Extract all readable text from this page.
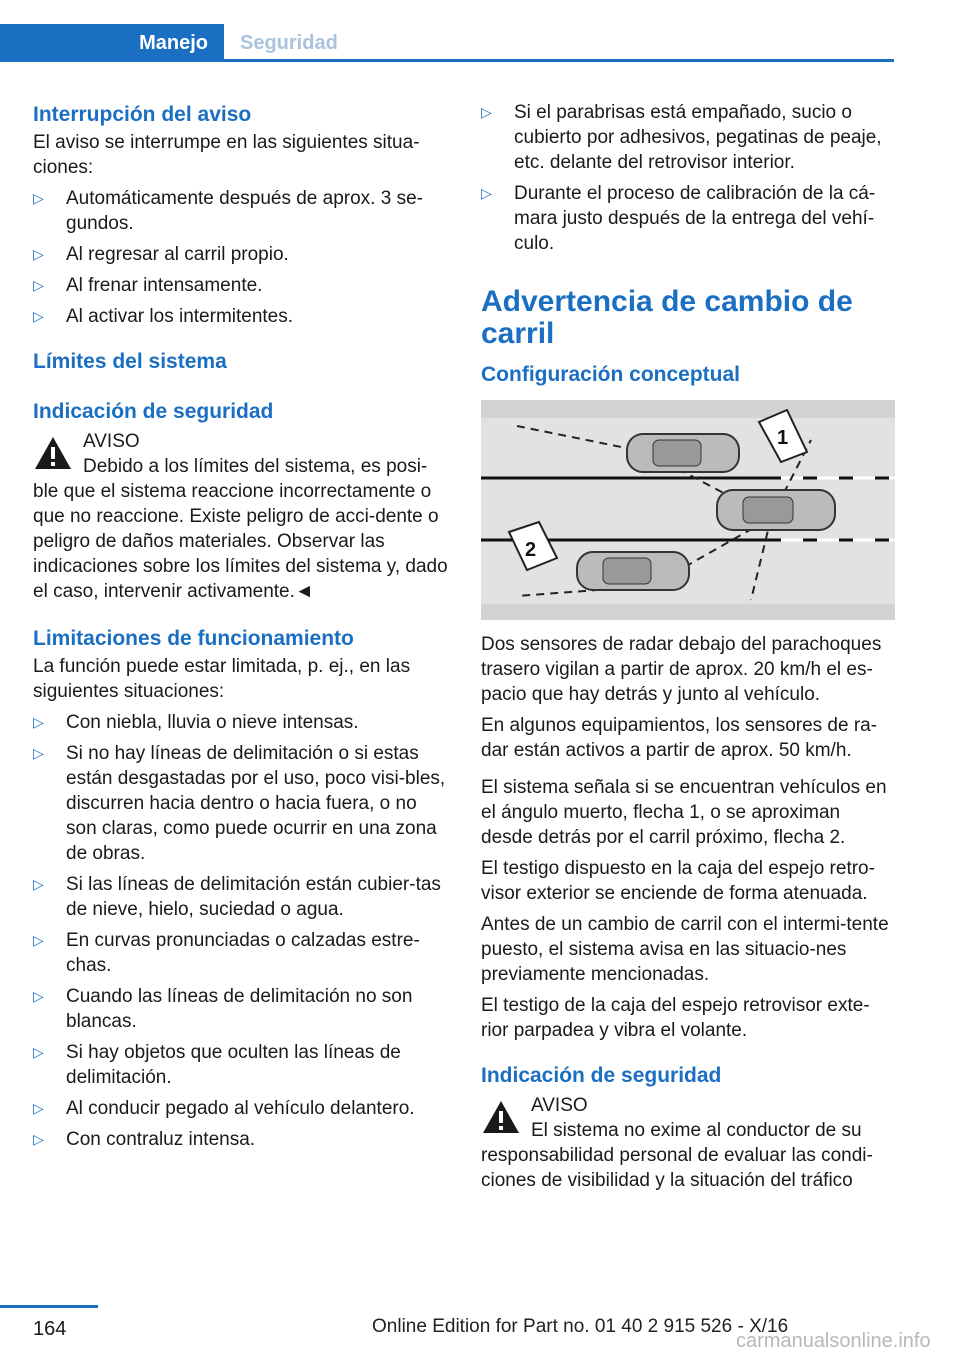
Manejo	Seguridad
Interrupción del aviso

El aviso se interrumpe en las siguientes situa-ciones:

▷ Automáticamente después de aprox. 3 se-gundos.
▷ Al regresar al carril propio.
▷ Al frenar intensamente.
▷ Al activar los intermitentes.
Límites del sistema
Indicación de seguridad
AVISO

Debido a los límites del sistema, es posi-ble que el sistema reaccione incorrectamente o que no reaccione. Existe peligro de acci-dente o peligro de daños materiales. Observar las indicaciones sobre los límites del sistema y, dado el caso, intervenir activamente.◄

Limitaciones de funcionamiento

La función puede estar limitada, p. ej., en las siguientes situaciones:

▷ Con niebla, lluvia o nieve intensas.
▷ Si no hay líneas de delimitación o si estas están desgastadas por el uso, poco visi-bles, discurren hacia dentro o hacia fuera, o no son claras, como puede ocurrir en una zona de obras.
▷ Si las líneas de delimitación están cubier-tas de nieve, hielo, suciedad o agua.
▷ En curvas pronunciadas o calzadas estre-chas.
▷ Cuando las líneas de delimitación no son blancas.
▷ Si hay objetos que oculten las líneas de delimitación.
▷ Al conducir pegado al vehículo delantero.
▷ Con contraluz intensa.
▷ Si el parabrisas está empañado, sucio o cubierto por adhesivos, pegatinas de peaje, etc. delante del retrovisor interior.
▷ Durante el proceso de calibración de la cá-mara justo después de la entrega del vehí-culo.
Advertencia de cambio de carril
Configuración conceptual
1
2

Dos sensores de radar debajo del parachoques trasero vigilan a partir de aprox. 20 km/h el es-pacio que hay detrás y junto al vehículo.

En algunos equipamientos, los sensores de ra-dar están activos a partir de aprox. 50 km/h.

El sistema señala si se encuentran vehículos en el ángulo muerto, flecha 1, o se aproximan desde detrás por el carril próximo, flecha 2.

El testigo dispuesto en la caja del espejo retro-visor exterior se enciende de forma atenuada.

Antes de un cambio de carril con el intermi-tente puesto, el sistema avisa en las situacio-nes previamente mencionadas.

El testigo de la caja del espejo retrovisor exte-rior parpadea y vibra el volante.

Indicación de seguridad
AVISO

El sistema no exime al conductor de su responsabilidad personal de evaluar las condi-ciones de visibilidad y la situación del tráfico

164	Online Edition for Part no. 01 40 2 915 526 - X/16
carmanualsonline.info
